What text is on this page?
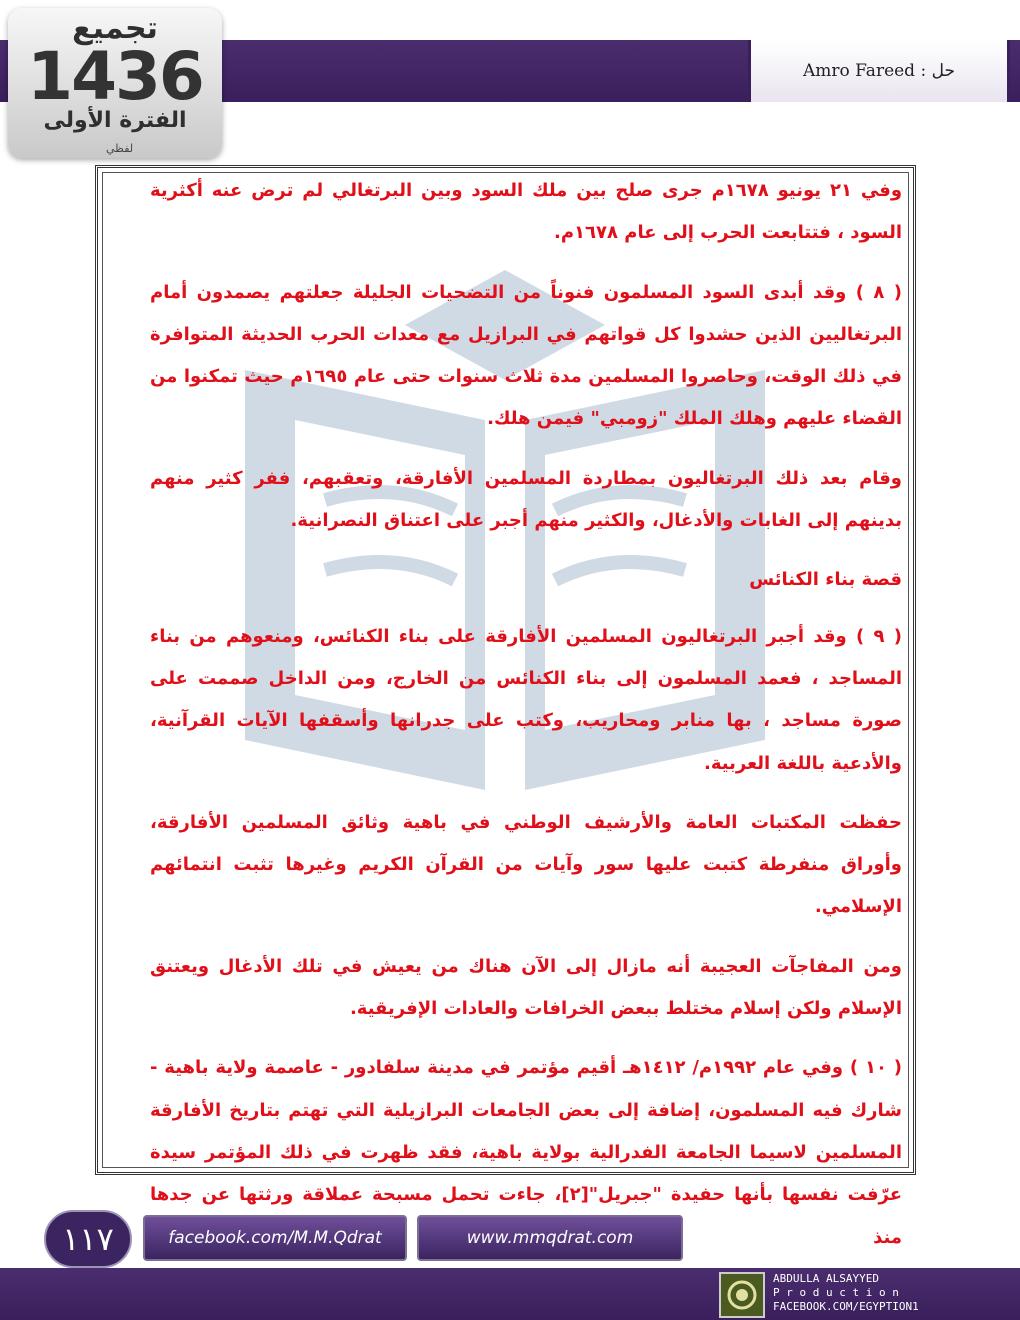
حل : Amro Fareed
تجميع
1436
الفترة الأولى
لفظي

وفي ٢١ يونيو ١٦٧٨م جرى صلح بين ملك السود وبين البرتغالي لم ترض عنه أكثرية السود ، فتتابعت الحرب إلى عام ١٦٧٨م.

( ٨ ) وقد أبدى السود المسلمون فنوناً من التضحيات الجليلة جعلتهم يصمدون أمام البرتغاليين الذين حشدوا كل قواتهم في البرازيل مع معدات الحرب الحديثة المتوافرة في ذلك الوقت، وحاصروا المسلمين مدة ثلاث سنوات حتى عام ١٦٩٥م حيث تمكنوا من القضاء عليهم وهلك الملك "زومبي" فيمن هلك.

وقام بعد ذلك البرتغاليون بمطاردة المسلمين الأفارقة، وتعقبهم، ففر كثير منهم بدينهم إلى الغابات والأدغال، والكثير منهم أجبر على اعتناق النصرانية.

قصة بناء الكنائس

( ٩ ) وقد أجبر البرتغاليون المسلمين الأفارقة على بناء الكنائس، ومنعوهم من بناء المساجد ، فعمد المسلمون إلى بناء الكنائس من الخارج، ومن الداخل صممت على صورة مساجد ، بها منابر ومحاريب، وكتب على جدرانها وأسقفها الآيات القرآنية، والأدعية باللغة العربية.

حفظت المكتبات العامة والأرشيف الوطني في باهية وثائق المسلمين الأفارقة، وأوراق منفرطة كتبت عليها سور وآيات من القرآن الكريم وغيرها تثبت انتمائهم الإسلامي.

ومن المفاجآت العجيبة أنه مازال إلى الآن هناك من يعيش في تلك الأدغال ويعتنق الإسلام ولكن إسلام مختلط ببعض الخرافات والعادات الإفريقية.

( ١٠ ) وفي عام ١٩٩٢م/ ١٤١٢هـ أقيم مؤتمر في مدينة سلفادور - عاصمة ولاية باهية - شارك فيه المسلمون، إضافة إلى بعض الجامعات البرازيلية التي تهتم بتاريخ الأفارقة المسلمين لاسيما الجامعة الفدرالية بولاية باهية، فقد ظهرت في ذلك المؤتمر سيدة عرّفت نفسها بأنها حفيدة "جبريل"[٢]، جاءت تحمل مسبحة عملاقة ورثتها عن جدها منذ

١١٧	facebook.com/M.M.Qdrat	www.mmqdrat.com
ABDULLA ALSAYYED
P r o d u c t i o n
FACEBOOK.COM/EGYPTION1
